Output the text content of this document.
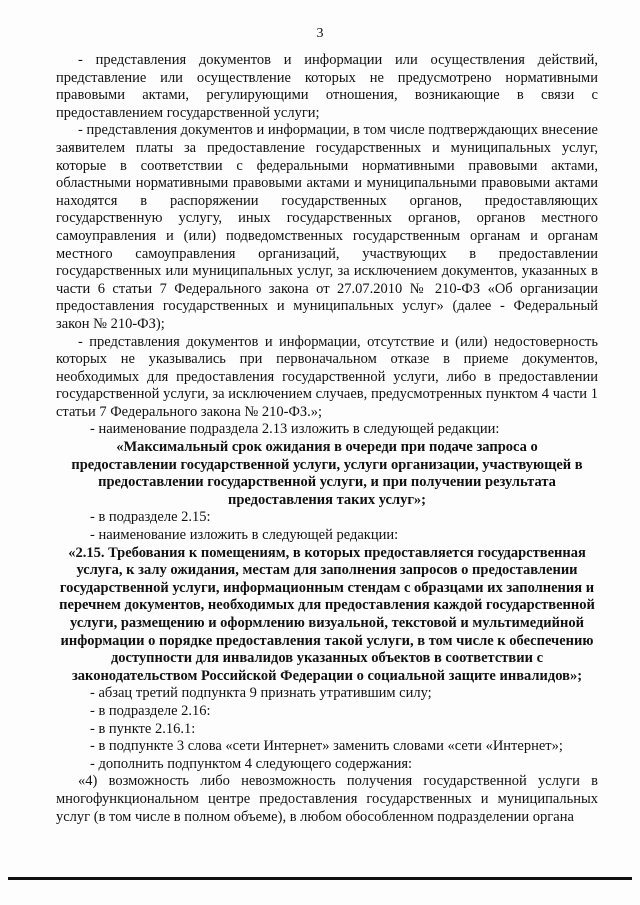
3

- представления документов и информации или осуществления действий, представление или осуществление которых не предусмотрено нормативными правовыми актами, регулирующими отношения, возникающие в связи с предоставлением государственной услуги;

- представления документов и информации, в том числе подтверждающих внесение заявителем платы за предоставление государственных и муниципальных услуг, которые в соответствии с федеральными нормативными правовыми актами, областными нормативными правовыми актами и муниципальными правовыми актами находятся в распоряжении государственных органов, предоставляющих государственную услугу, иных государственных органов, органов местного самоуправления и (или) подведомственных государственным органам и органам местного самоуправления организаций, участвующих в предоставлении государственных или муниципальных услуг, за исключением документов, указанных в части 6 статьи 7 Федерального закона от 27.07.2010 № 210-ФЗ «Об организации предоставления государственных и муниципальных услуг» (далее - Федеральный закон № 210-ФЗ);

- представления документов и информации, отсутствие и (или) недостоверность которых не указывались при первоначальном отказе в приеме документов, необходимых для предоставления государственной услуги, либо в предоставлении государственной услуги, за исключением случаев, предусмотренных пунктом 4 части 1 статьи 7 Федерального закона № 210-ФЗ.»;

- наименование подраздела 2.13 изложить в следующей редакции:

«Максимальный срок ожидания в очереди при подаче запроса о предоставлении государственной услуги, услуги организации, участвующей в предоставлении государственной услуги, и при получении результата предоставления таких услуг»;

- в подразделе 2.15:

- наименование изложить в следующей редакции:

«2.15. Требования к помещениям, в которых предоставляется государственная услуга, к залу ожидания, местам для заполнения запросов о предоставлении государственной услуги, информационным стендам с образцами их заполнения и перечнем документов, необходимых для предоставления каждой государственной услуги, размещению и оформлению визуальной, текстовой и мультимедийной информации о порядке предоставления такой услуги, в том числе к обеспечению доступности для инвалидов указанных объектов в соответствии с законодательством Российской Федерации о социальной защите инвалидов»;

- абзац третий подпункта 9 признать утратившим силу;

- в подразделе 2.16:

- в пункте 2.16.1:

- в подпункте 3 слова «сети Интернет» заменить словами «сети «Интернет»;

- дополнить подпунктом 4 следующего содержания:

«4) возможность либо невозможность получения государственной услуги в многофункциональном центре предоставления государственных и муниципальных услуг (в том числе в полном объеме), в любом обособленном подразделении органа
